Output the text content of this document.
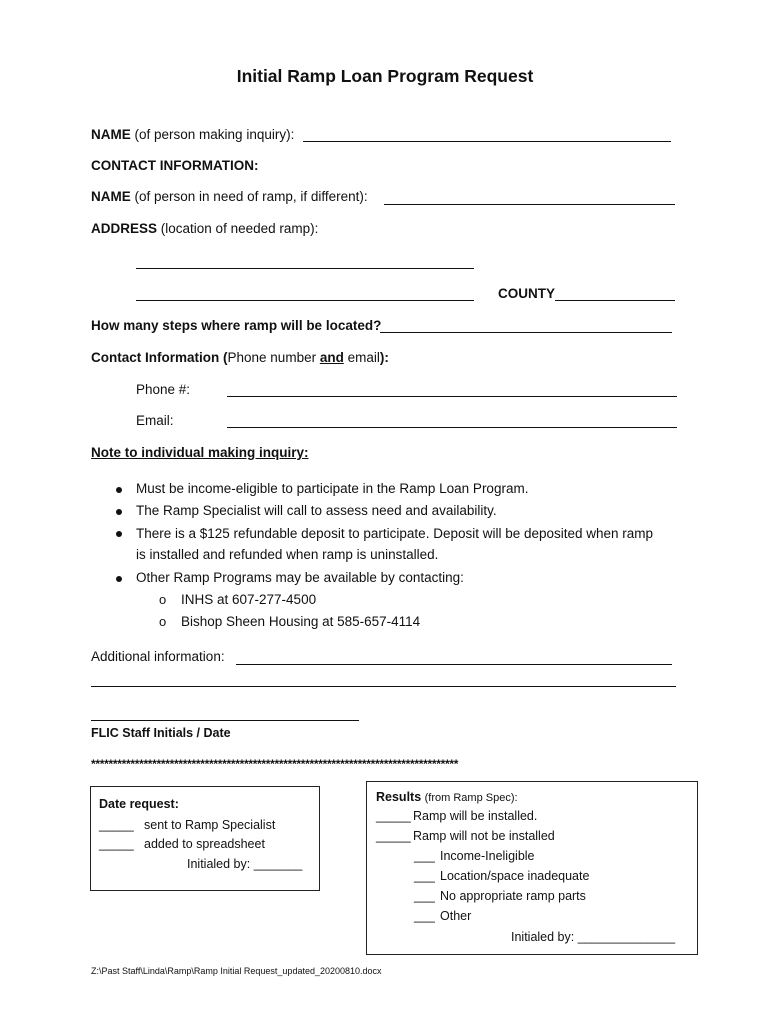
Initial Ramp Loan Program Request
NAME (of person making inquiry):
CONTACT INFORMATION:
NAME (of person in need of ramp, if different):
ADDRESS (location of needed ramp):
COUNTY
How many steps where ramp will be located?
Contact Information (Phone number and email):
Phone #:
Email:
Note to individual making inquiry:
Must be income-eligible to participate in the Ramp Loan Program.
The Ramp Specialist will call to assess need and availability.
There is a $125 refundable deposit to participate. Deposit will be deposited when ramp
is installed and refunded when ramp is uninstalled.
Other Ramp Programs may be available by contacting:
o INHS at 607-277-4500
o Bishop Sheen Housing at 585-657-4114
Additional information:
FLIC Staff Initials / Date
************************************************************************************
Date request:
_____ sent to Ramp Specialist
_____ added to spreadsheet
Initialed by: _______
Results (from Ramp Spec):
_____ Ramp will be installed.
_____ Ramp will not be installed
___ Income-Ineligible
___ Location/space inadequate
___ No appropriate ramp parts
___ Other
Initialed by: ______________
Z:\Past Staff\Linda\Ramp\Ramp Initial Request_updated_20200810.docx
